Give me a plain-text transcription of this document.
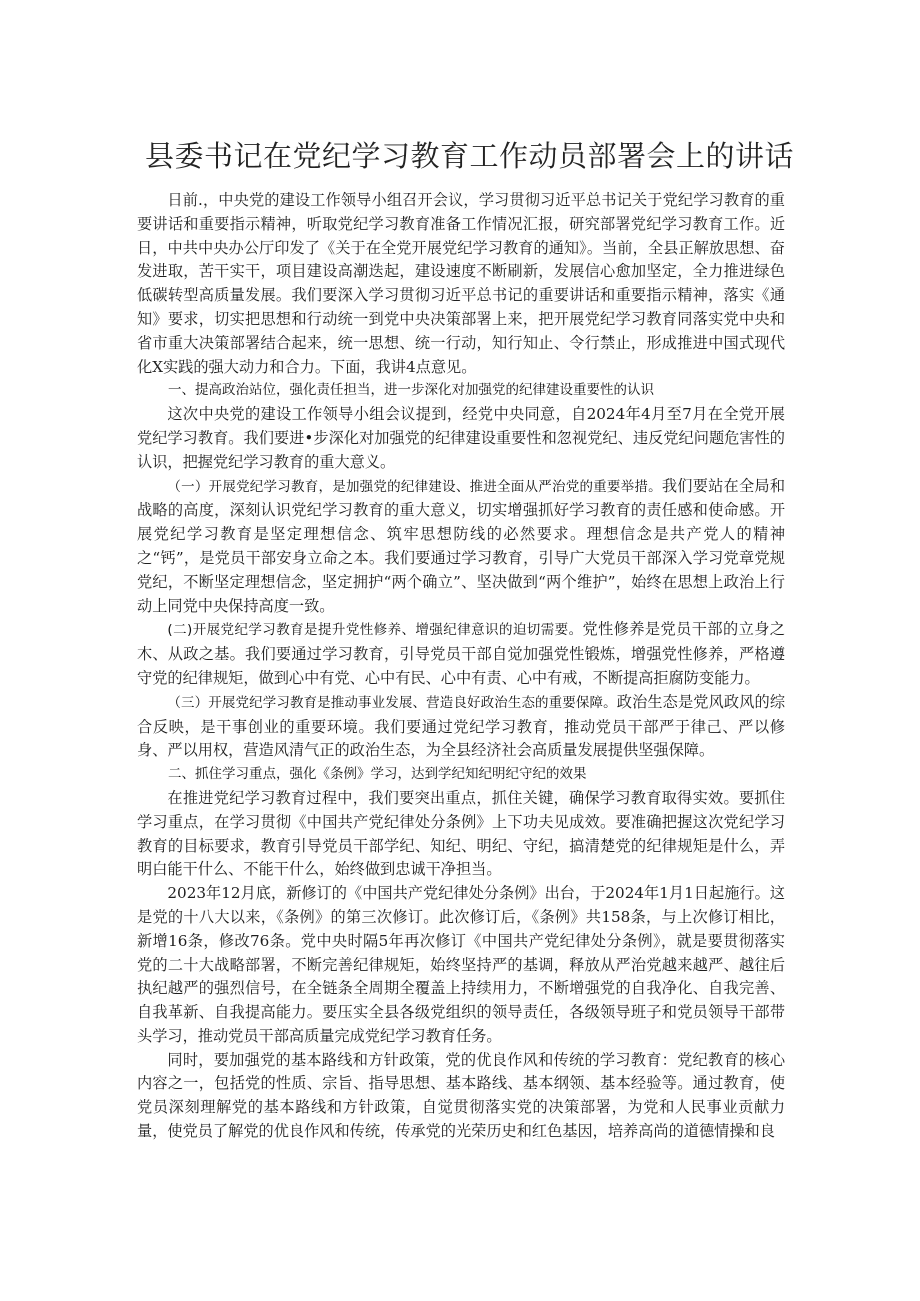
县委书记在党纪学习教育工作动员部署会上的讲话

日前.，中央党的建设工作领导小组召开会议，学习贯彻习近平总书记关于党纪学习教育的重要讲话和重要指示精神，听取党纪学习教育准备工作情况汇报，研究部署党纪学习教育工作。近日，中共中央办公厅印发了《关于在全党开展党纪学习教育的通知》。当前，全县正解放思想、奋发进取，苦干实干，项目建设高潮迭起，建设速度不断刷新，发展信心愈加坚定，全力推进绿色低碳转型高质量发展。我们要深入学习贯彻习近平总书记的重要讲话和重要指示精神，落实《通知》要求，切实把思想和行动统一到党中央决策部署上来，把开展党纪学习教育同落实党中央和省市重大决策部署结合起来，统一思想、统一行动，知行知止、令行禁止，形成推进中国式现代化X实践的强大动力和合力。下面，我讲4点意见。

一、提高政治站位，强化责任担当，进一步深化对加强党的纪律建设重要性的认识

这次中央党的建设工作领导小组会议提到，经党中央同意，自2024年4月至7月在全党开展党纪学习教育。我们要进•步深化对加强党的纪律建设重要性和忽视党纪、违反党纪问题危害性的认识，把握党纪学习教育的重大意义。

（一）开展党纪学习教育，是加强党的纪律建设、推进全面从严治党的重要举措。我们要站在全局和战略的高度，深刻认识党纪学习教育的重大意义，切实增强抓好学习教育的责任感和使命感。开展党纪学习教育是坚定理想信念、筑牢思想防线的必然要求。理想信念是共产党人的精神之“钙”，是党员干部安身立命之本。我们要通过学习教育，引导广大党员干部深入学习党章党规党纪，不断坚定理想信念，坚定拥护“两个确立”、坚决做到“两个维护”，始终在思想上政治上行动上同党中央保持高度一致。

(二)开展党纪学习教育是提升党性修养、增强纪律意识的迫切需要。党性修养是党员干部的立身之木、从政之基。我们要通过学习教育，引导党员干部自觉加强党性锻炼，增强党性修养，严格遵守党的纪律规矩，做到心中有党、心中有民、心中有责、心中有戒，不断提高拒腐防变能力。

（三）开展党纪学习教育是推动事业发展、营造良好政治生态的重要保障。政治生态是党风政风的综合反映，是干事创业的重要环境。我们要通过党纪学习教育，推动党员干部严于律己、严以修身、严以用权，营造风清气正的政治生态，为全县经济社会高质量发展提供坚强保障。

二、抓住学习重点，强化《条例》学习，达到学纪知纪明纪守纪的效果

在推进党纪学习教育过程中，我们要突出重点，抓住关键，确保学习教育取得实效。要抓住学习重点，在学习贯彻《中国共产党纪律处分条例》上下功夫见成效。要准确把握这次党纪学习教育的目标要求，教育引导党员干部学纪、知纪、明纪、守纪，搞清楚党的纪律规矩是什么，弄明白能干什么、不能干什么，始终做到忠诚干净担当。

2023年12月底，新修订的《中国共产党纪律处分条例》出台，于2024年1月1日起施行。这是党的十八大以来，《条例》的第三次修订。此次修订后，《条例》共158条，与上次修订相比，新增16条，修改76条。党中央时隔5年再次修订《中国共产党纪律处分条例》，就是要贯彻落实党的二十大战略部署，不断完善纪律规矩，始终坚持严的基调，释放从严治党越来越严、越往后执纪越严的强烈信号，在全链条全周期全覆盖上持续用力，不断增强党的自我净化、自我完善、自我革新、自我提高能力。要压实全县各级党组织的领导责任，各级领导班子和党员领导干部带头学习，推动党员干部高质量完成党纪学习教育任务。

同时，要加强党的基本路线和方针政策，党的优良作风和传统的学习教育：党纪教育的核心内容之一，包括党的性质、宗旨、指导思想、基本路线、基本纲领、基本经验等。通过教育，使党员深刻理解党的基本路线和方针政策，自觉贯彻落实党的决策部署，为党和人民事业贡献力量，使党员了解党的优良作风和传统，传承党的光荣历史和红色基因，培养高尚的道德情操和良
